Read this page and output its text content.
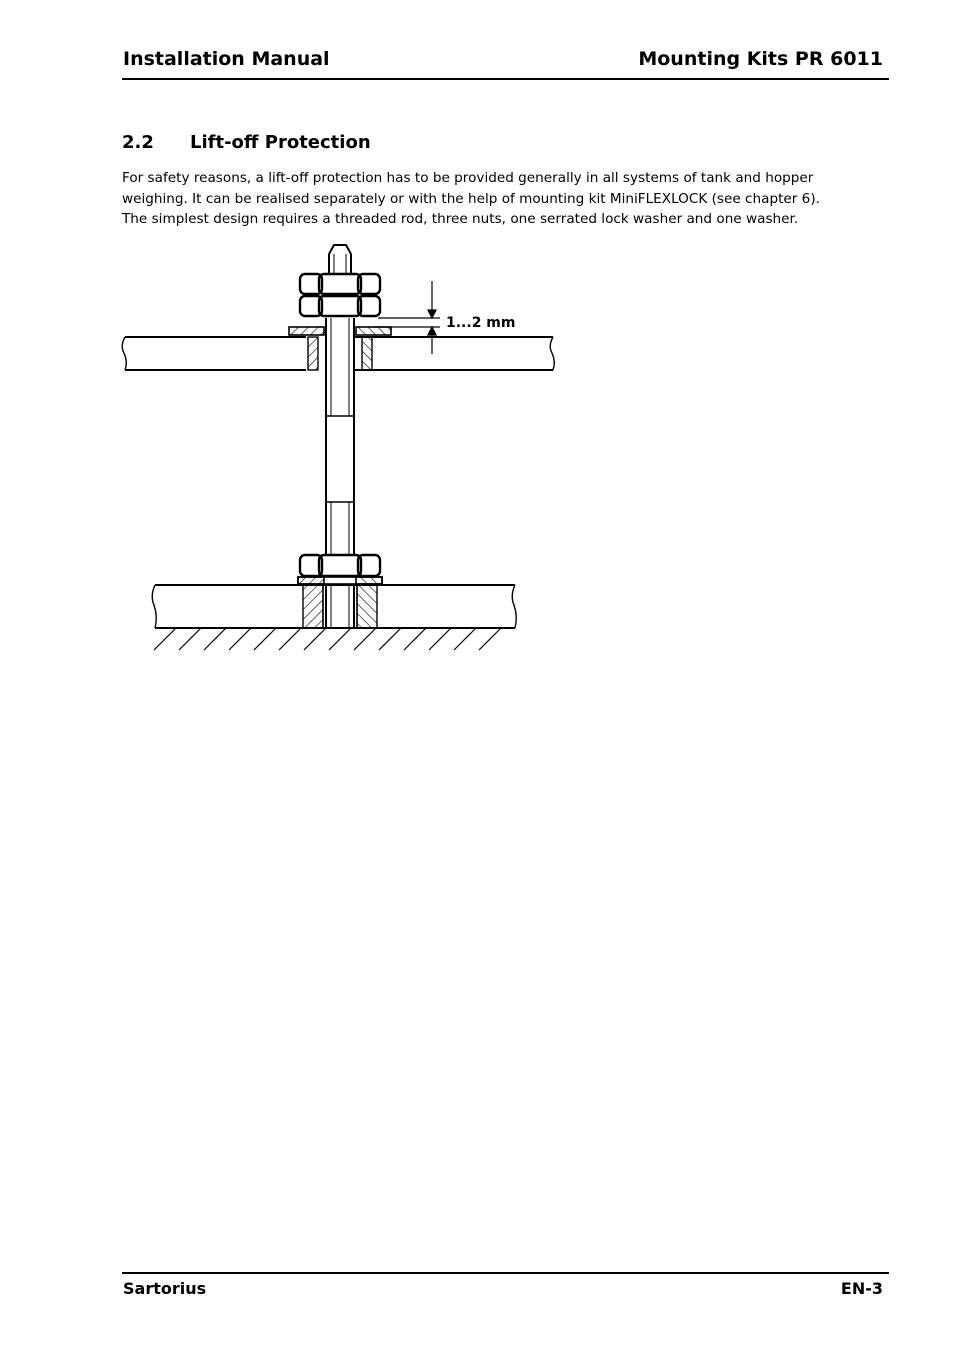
Installation Manual	Mounting Kits PR 6011
2.2 Lift-off Protection

For safety reasons, a lift-off protection has to be provided generally in all systems of tank and hopper

weighing. It can be realised separately or with the help of mounting kit MiniFLEXLOCK (see chapter 6).

The simplest design requires a threaded rod, three nuts, one serrated lock washer and one washer.

1...2 mm
Sartorius	EN-3
